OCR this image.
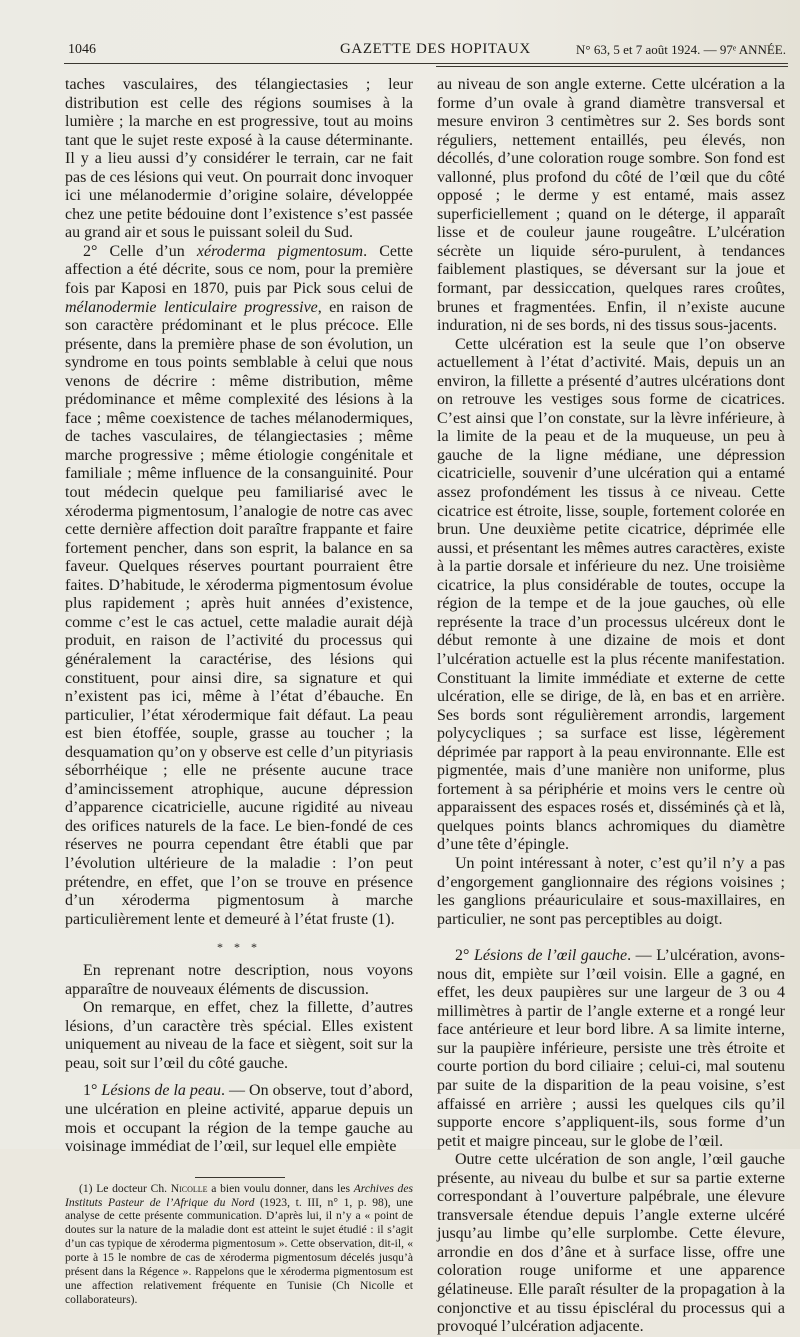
1046	GAZETTE DES HOPITAUX	N° 63, 5 et 7 août 1924. — 97ᵉ ANNÉE.

taches vasculaires, des télangiectasies ; leur distribution est celle des régions soumises à la lumière ; la marche en est progressive, tout au moins tant que le sujet reste exposé à la cause déterminante. Il y a lieu aussi d’y considérer le terrain, car ne fait pas de ces lésions qui veut. On pourrait donc invoquer ici une mélanodermie d’origine solaire, développée chez une petite bédouine dont l’existence s’est passée au grand air et sous le puissant soleil du Sud.

2° Celle d’un xéroderma pigmentosum. Cette affection a été décrite, sous ce nom, pour la première fois par Kaposi en 1870, puis par Pick sous celui de mélanodermie lenticulaire progressive, en raison de son caractère prédominant et le plus précoce. Elle présente, dans la première phase de son évolution, un syndrome en tous points semblable à celui que nous venons de décrire : même distribution, même prédominance et même complexité des lésions à la face ; même coexistence de taches mélanodermiques, de taches vasculaires, de télangiectasies ; même marche progressive ; même étiologie congénitale et familiale ; même influence de la consanguinité. Pour tout médecin quelque peu familiarisé avec le xéroderma pigmentosum, l’analogie de notre cas avec cette dernière affection doit paraître frappante et faire fortement pencher, dans son esprit, la balance en sa faveur. Quelques réserves pourtant pourraient être faites. D’habitude, le xéroderma pigmentosum évolue plus rapidement ; après huit années d’existence, comme c’est le cas actuel, cette maladie aurait déjà produit, en raison de l’activité du processus qui généralement la caractérise, des lésions qui constituent, pour ainsi dire, sa signature et qui n’existent pas ici, même à l’état d’ébauche. En particulier, l’état xérodermique fait défaut. La peau est bien étoffée, souple, grasse au toucher ; la desquamation qu’on y observe est celle d’un pityriasis séborrhéique ; elle ne présente aucune trace d’amincissement atrophique, aucune dépression d’apparence cicatricielle, aucune rigidité au niveau des orifices naturels de la face. Le bien-fondé de ces réserves ne pourra cependant être établi que par l’évolution ultérieure de la maladie : l’on peut prétendre, en effet, que l’on se trouve en présence d’un xéroderma pigmentosum à marche particulièrement lente et demeuré à l’état fruste (1).

* * *

En reprenant notre description, nous voyons apparaître de nouveaux éléments de discussion.

On remarque, en effet, chez la fillette, d’autres lésions, d’un caractère très spécial. Elles existent uniquement au niveau de la face et siègent, soit sur la peau, soit sur l’œil du côté gauche.

1° Lésions de la peau. — On observe, tout d’abord, une ulcération en pleine activité, apparue depuis un mois et occupant la région de la tempe gauche au voisinage immédiat de l’œil, sur lequel elle empiète

(1) Le docteur Ch. Nicolle a bien voulu donner, dans les Archives des Instituts Pasteur de l’Afrique du Nord (1923, t. III, n° 1, p. 98), une analyse de cette présente communication. D’après lui, il n’y a « point de doutes sur la nature de la maladie dont est atteint le sujet étudié : il s’agit d’un cas typique de xéroderma pigmentosum ». Cette observation, dit-il, « porte à 15 le nombre de cas de xéroderma pigmentosum décelés jusqu’à présent dans la Régence ». Rappelons que le xéroderma pigmentosum est une affection relativement fréquente en Tunisie (Ch Nicolle et collaborateurs).

au niveau de son angle externe. Cette ulcération a la forme d’un ovale à grand diamètre transversal et mesure environ 3 centimètres sur 2. Ses bords sont réguliers, nettement entaillés, peu élevés, non décollés, d’une coloration rouge sombre. Son fond est vallonné, plus profond du côté de l’œil que du côté opposé ; le derme y est entamé, mais assez superficiellement ; quand on le déterge, il apparaît lisse et de couleur jaune rougeâtre. L’ulcération sécrète un liquide séro-purulent, à tendances faiblement plastiques, se déversant sur la joue et formant, par dessiccation, quelques rares croûtes, brunes et fragmentées. Enfin, il n’existe aucune induration, ni de ses bords, ni des tissus sous-jacents.

Cette ulcération est la seule que l’on observe actuellement à l’état d’activité. Mais, depuis un an environ, la fillette a présenté d’autres ulcérations dont on retrouve les vestiges sous forme de cicatrices. C’est ainsi que l’on constate, sur la lèvre inférieure, à la limite de la peau et de la muqueuse, un peu à gauche de la ligne médiane, une dépression cicatricielle, souvenir d’une ulcération qui a entamé assez profondément les tissus à ce niveau. Cette cicatrice est étroite, lisse, souple, fortement colorée en brun. Une deuxième petite cicatrice, déprimée elle aussi, et présentant les mêmes autres caractères, existe à la partie dorsale et inférieure du nez. Une troisième cicatrice, la plus considérable de toutes, occupe la région de la tempe et de la joue gauches, où elle représente la trace d’un processus ulcéreux dont le début remonte à une dizaine de mois et dont l’ulcération actuelle est la plus récente manifestation. Constituant la limite immédiate et externe de cette ulcération, elle se dirige, de là, en bas et en arrière. Ses bords sont régulièrement arrondis, largement polycycliques ; sa surface est lisse, légèrement déprimée par rapport à la peau environnante. Elle est pigmentée, mais d’une manière non uniforme, plus fortement à sa périphérie et moins vers le centre où apparaissent des espaces rosés et, disséminés çà et là, quelques points blancs achromiques du diamètre d’une tête d’épingle.

Un point intéressant à noter, c’est qu’il n’y a pas d’engorgement ganglionnaire des régions voisines ; les ganglions préauriculaire et sous-maxillaires, en particulier, ne sont pas perceptibles au doigt.

2° Lésions de l’œil gauche. — L’ulcération, avons-nous dit, empiète sur l’œil voisin. Elle a gagné, en effet, les deux paupières sur une largeur de 3 ou 4 millimètres à partir de l’angle externe et a rongé leur face antérieure et leur bord libre. A sa limite interne, sur la paupière inférieure, persiste une très étroite et courte portion du bord ciliaire ; celui-ci, mal soutenu par suite de la disparition de la peau voisine, s’est affaissé en arrière ; aussi les quelques cils qu’il supporte encore s’appliquent-ils, sous forme d’un petit et maigre pinceau, sur le globe de l’œil.

Outre cette ulcération de son angle, l’œil gauche présente, au niveau du bulbe et sur sa partie externe correspondant à l’ouverture palpébrale, une élevure transversale étendue depuis l’angle externe ulcéré jusqu’au limbe qu’elle surplombe. Cette élevure, arrondie en dos d’âne et à surface lisse, offre une coloration rouge uniforme et une apparence gélatineuse. Elle paraît résulter de la propagation à la conjonctive et au tissu épiscléral du processus qui a provoqué l’ulcération adjacente.
